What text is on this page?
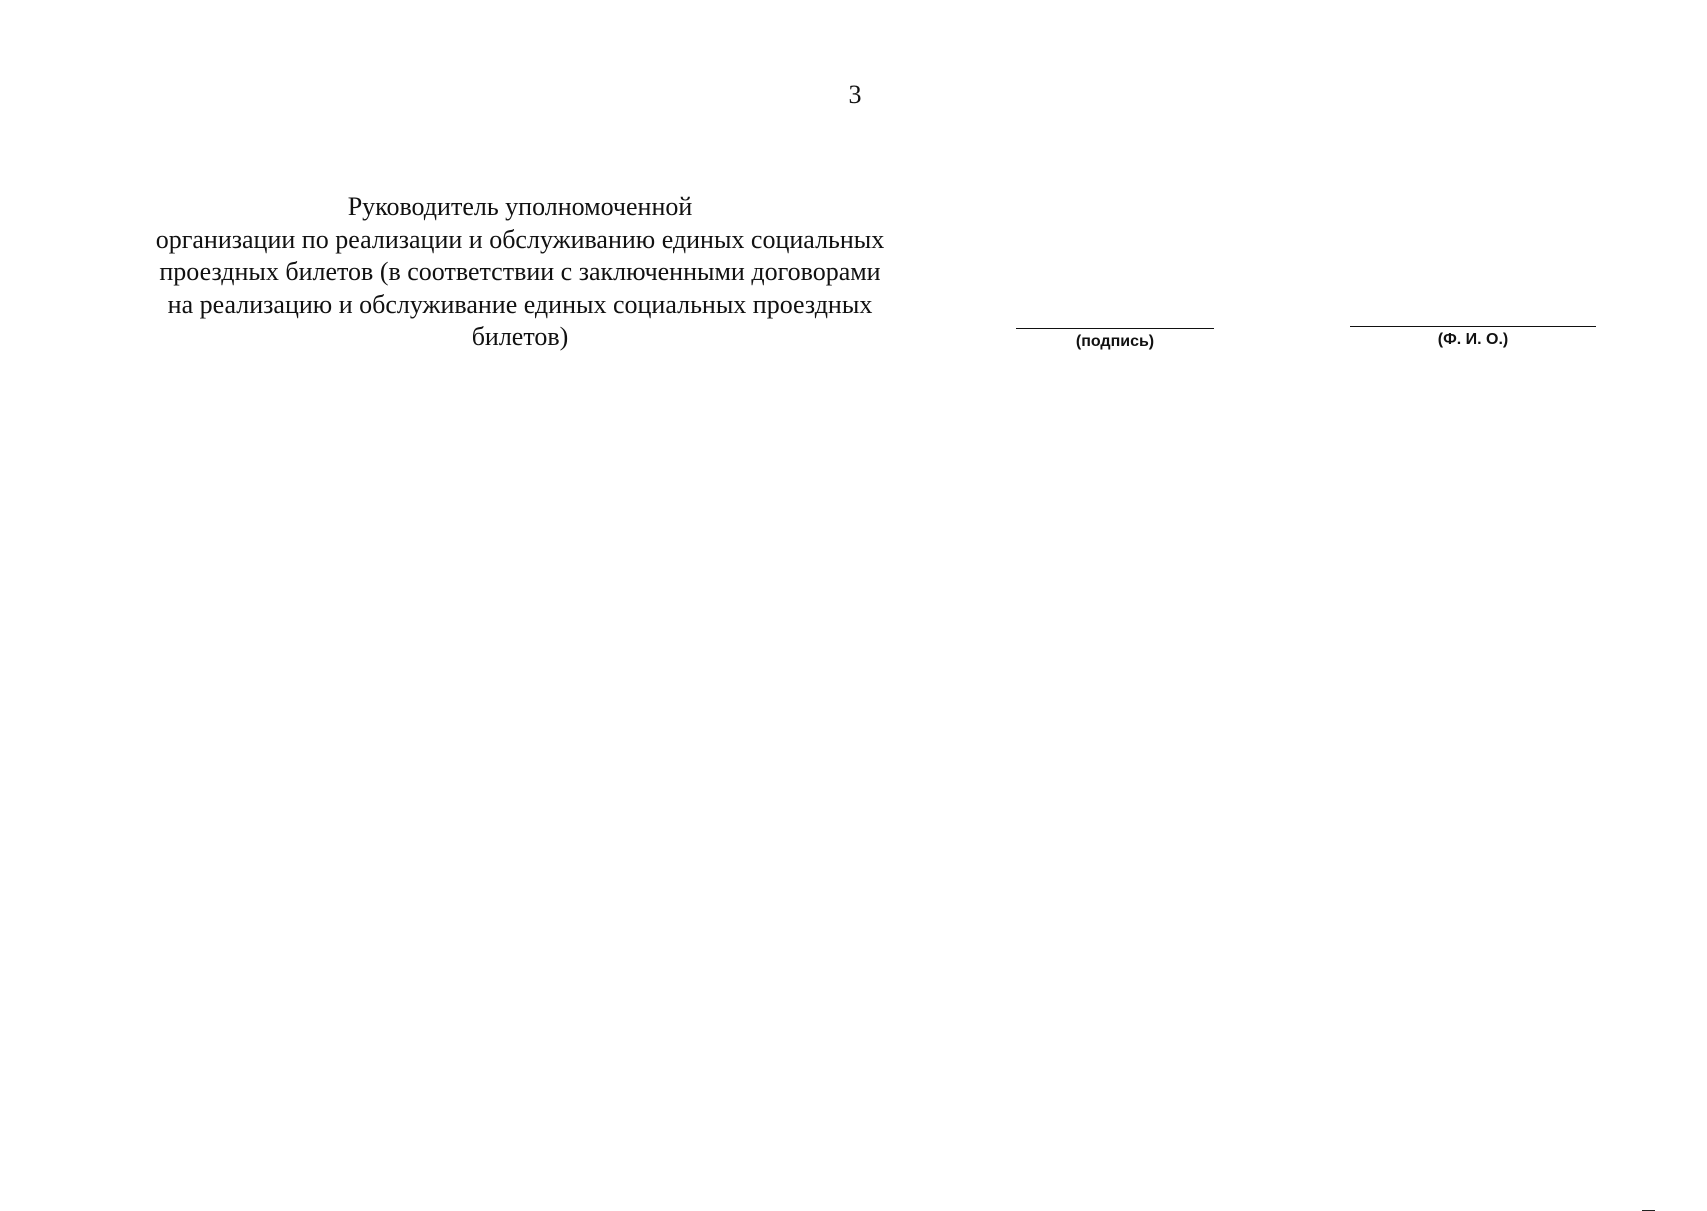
3
Руководитель уполномоченной
организации по реализации и обслуживанию единых социальных
проездных билетов (в соответствии с заключенными договорами
на реализацию и обслуживание единых социальных проездных
билетов)	(подпись)	(Ф. И. О.)
